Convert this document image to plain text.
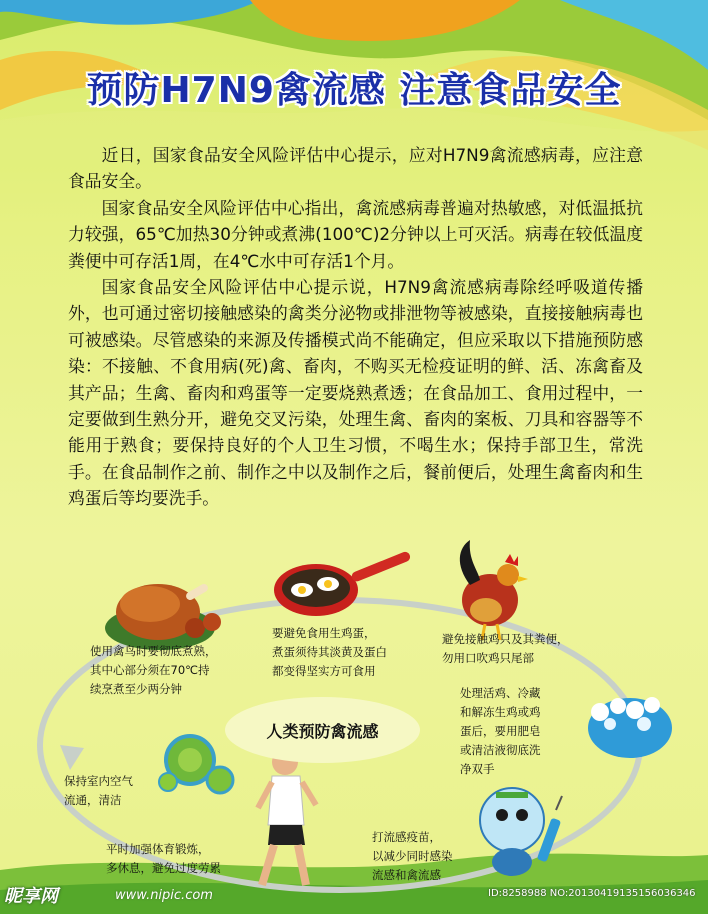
预防H7N9禽流感 注意食品安全

近日，国家食品安全风险评估中心提示，应对H7N9禽流感病毒，应注意食品安全。

国家食品安全风险评估中心指出，禽流感病毒普遍对热敏感，对低温抵抗力较强，65℃加热30分钟或煮沸(100℃)2分钟以上可灭活。病毒在较低温度粪便中可存活1周，在4℃水中可存活1个月。

国家食品安全风险评估中心提示说，H7N9禽流感病毒除经呼吸道传播外，也可通过密切接触感染的禽类分泌物或排泄物等被感染，直接接触病毒也可被感染。尽管感染的来源及传播模式尚不能确定，但应采取以下措施预防感染：不接触、不食用病(死)禽、畜肉，不购买无检疫证明的鲜、活、冻禽畜及其产品；生禽、畜肉和鸡蛋等一定要烧熟煮透；在食品加工、食用过程中，一定要做到生熟分开，避免交叉污染，处理生禽、畜肉的案板、刀具和容器等不能用于熟食；要保持良好的个人卫生习惯，不喝生水；保持手部卫生，常洗手。在食品制作之前、制作之中以及制作之后，餐前便后，处理生禽畜肉和生鸡蛋后等均要洗手。

人类预防禽流感
使用禽鸟时要彻底煮熟，
其中心部分须在70℃持
续烹煮至少两分钟
要避免食用生鸡蛋，
煮蛋须待其淡黄及蛋白
都变得坚实方可食用
避免接触鸡只及其粪便，
勿用口吹鸡只尾部
处理活鸡、冷藏
和解冻生鸡或鸡
蛋后，要用肥皂
或清洁液彻底洗
净双手
保持室内空气
流通，清洁
平时加强体育锻炼，
多休息，避免过度劳累
打流感疫苗，
以减少同时感染
流感和禽流感
昵享网	www.nipic.com	ID:8258988 NO:20130419135156036346
